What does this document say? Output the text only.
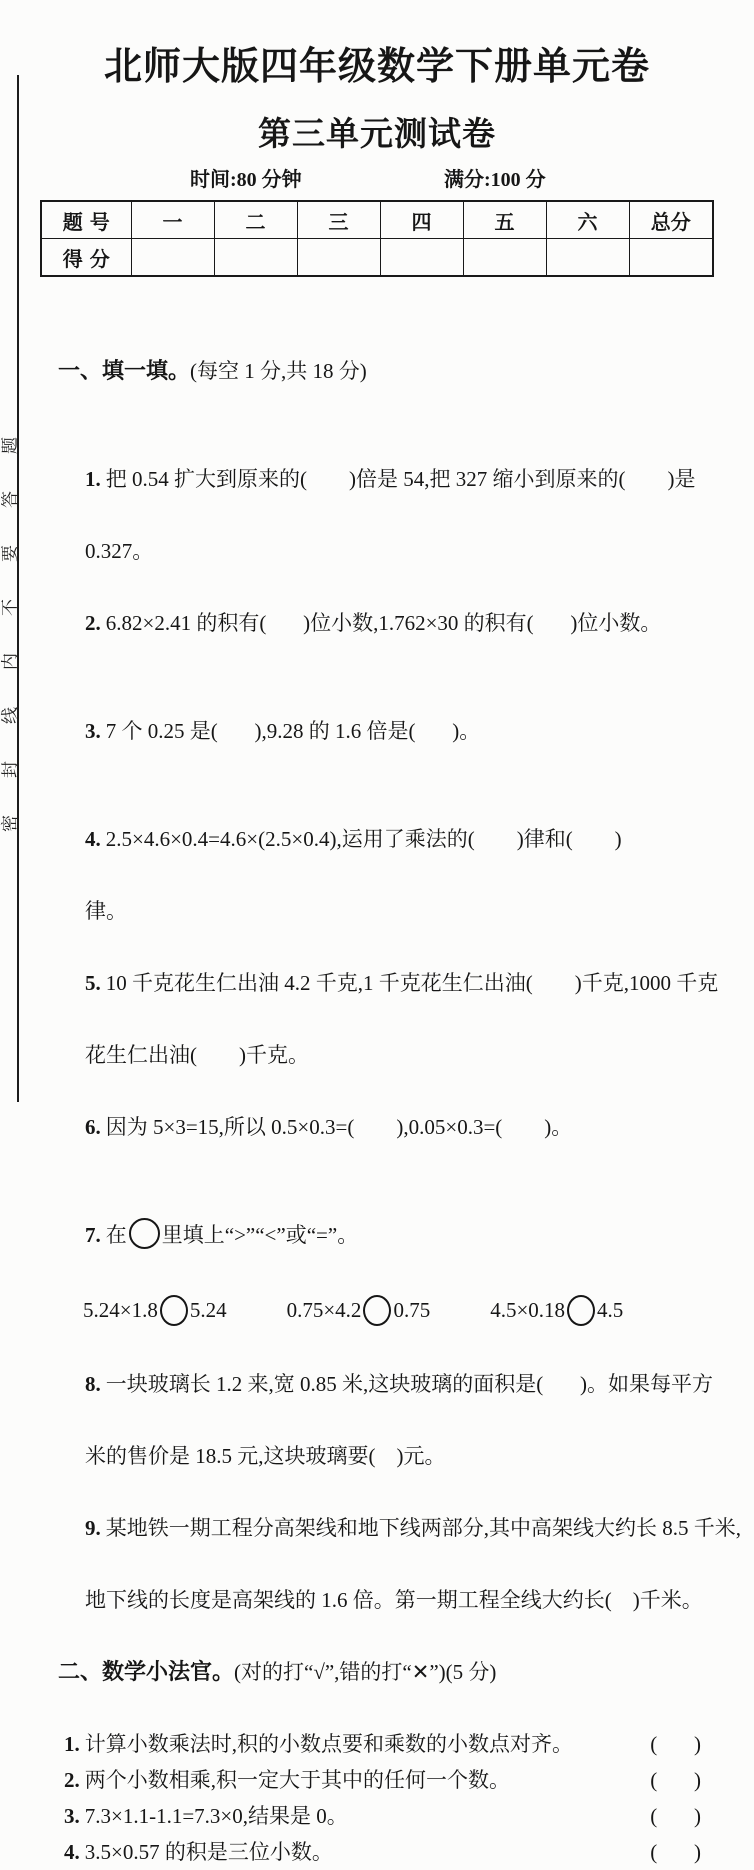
密封线内不要答题
北师大版四年级数学下册单元卷
第三单元测试卷
时间:80 分钟	满分:100 分
题号	一	二	三	四	五	六	总分
得分							

一、填一填。(每空 1 分,共 18 分)

1. 把 0.54 扩大到原来的(        )倍是 54,把 327 缩小到原来的(        )是

0.327。

2. 6.82×2.41 的积有(       )位小数,1.762×30 的积有(       )位小数。

3. 7 个 0.25 是(       ),9.28 的 1.6 倍是(       )。

4. 2.5×4.6×0.4=4.6×(2.5×0.4),运用了乘法的(        )律和(        )

律。

5. 10 千克花生仁出油 4.2 千克,1 千克花生仁出油(        )千克,1000 千克

花生仁出油(        )千克。

6. 因为 5×3=15,所以 0.5×0.3=(        ),0.05×0.3=(        )。

7. 在 里填上“>”“<”或“=”。

5.24×1.8 5.24	0.75×4.2 0.75	4.5×0.18 4.5

8. 一块玻璃长 1.2 来,宽 0.85 米,这块玻璃的面积是(       )。如果每平方

米的售价是 18.5 元,这块玻璃要(    )元。

9. 某地铁一期工程分高架线和地下线两部分,其中高架线大约长 8.5 千米,

地下线的长度是高架线的 1.6 倍。第一期工程全线大约长(    )千米。

二、数学小法官。(对的打“√”,错的打“✕”)(5 分)

1. 计算小数乘法时,积的小数点要和乘数的小数点对齐。	(       )
2. 两个小数相乘,积一定大于其中的任何一个数。	(       )
3. 7.3×1.1-1.1=7.3×0,结果是 0。	(       )
4. 3.5×0.57 的积是三位小数。	(       )
